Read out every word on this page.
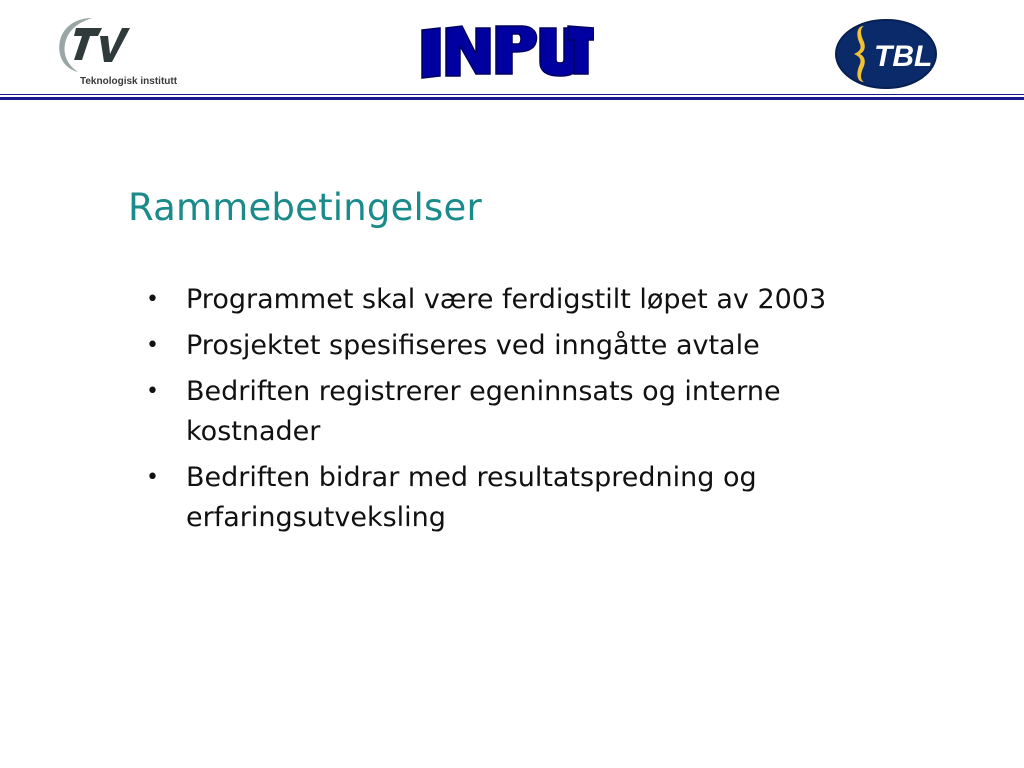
Teknologisk institutt
TBL
Rammebetingelser
• Programmet skal være ferdigstilt løpet av 2003
• Prosjektet spesifiseres ved inngåtte avtale
• Bedriften registrerer egeninnsats og interne kostnader
• Bedriften bidrar med resultatspredning og erfaringsutveksling
